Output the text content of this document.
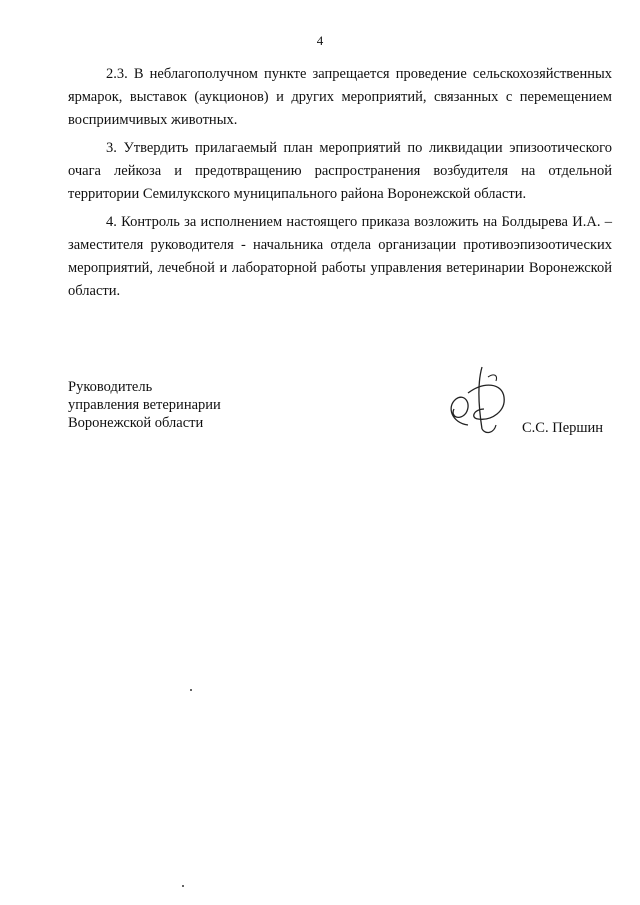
4

2.3. В неблагополучном пункте запрещается проведение сельскохозяйственных ярмарок, выставок (аукционов) и других мероприятий, связанных с перемещением восприимчивых животных.

3. Утвердить прилагаемый план мероприятий по ликвидации эпизоотического очага лейкоза и предотвращению распространения возбудителя на отдельной территории Семилукского муниципального района Воронежской области.

4. Контроль за исполнением настоящего приказа возложить на Болдырева И.А. – заместителя руководителя - начальника отдела организации противоэпизоотических мероприятий, лечебной и лабораторной работы управления ветеринарии Воронежской области.

Руководитель
управления ветеринарии
Воронежской области	С.С. Першин
